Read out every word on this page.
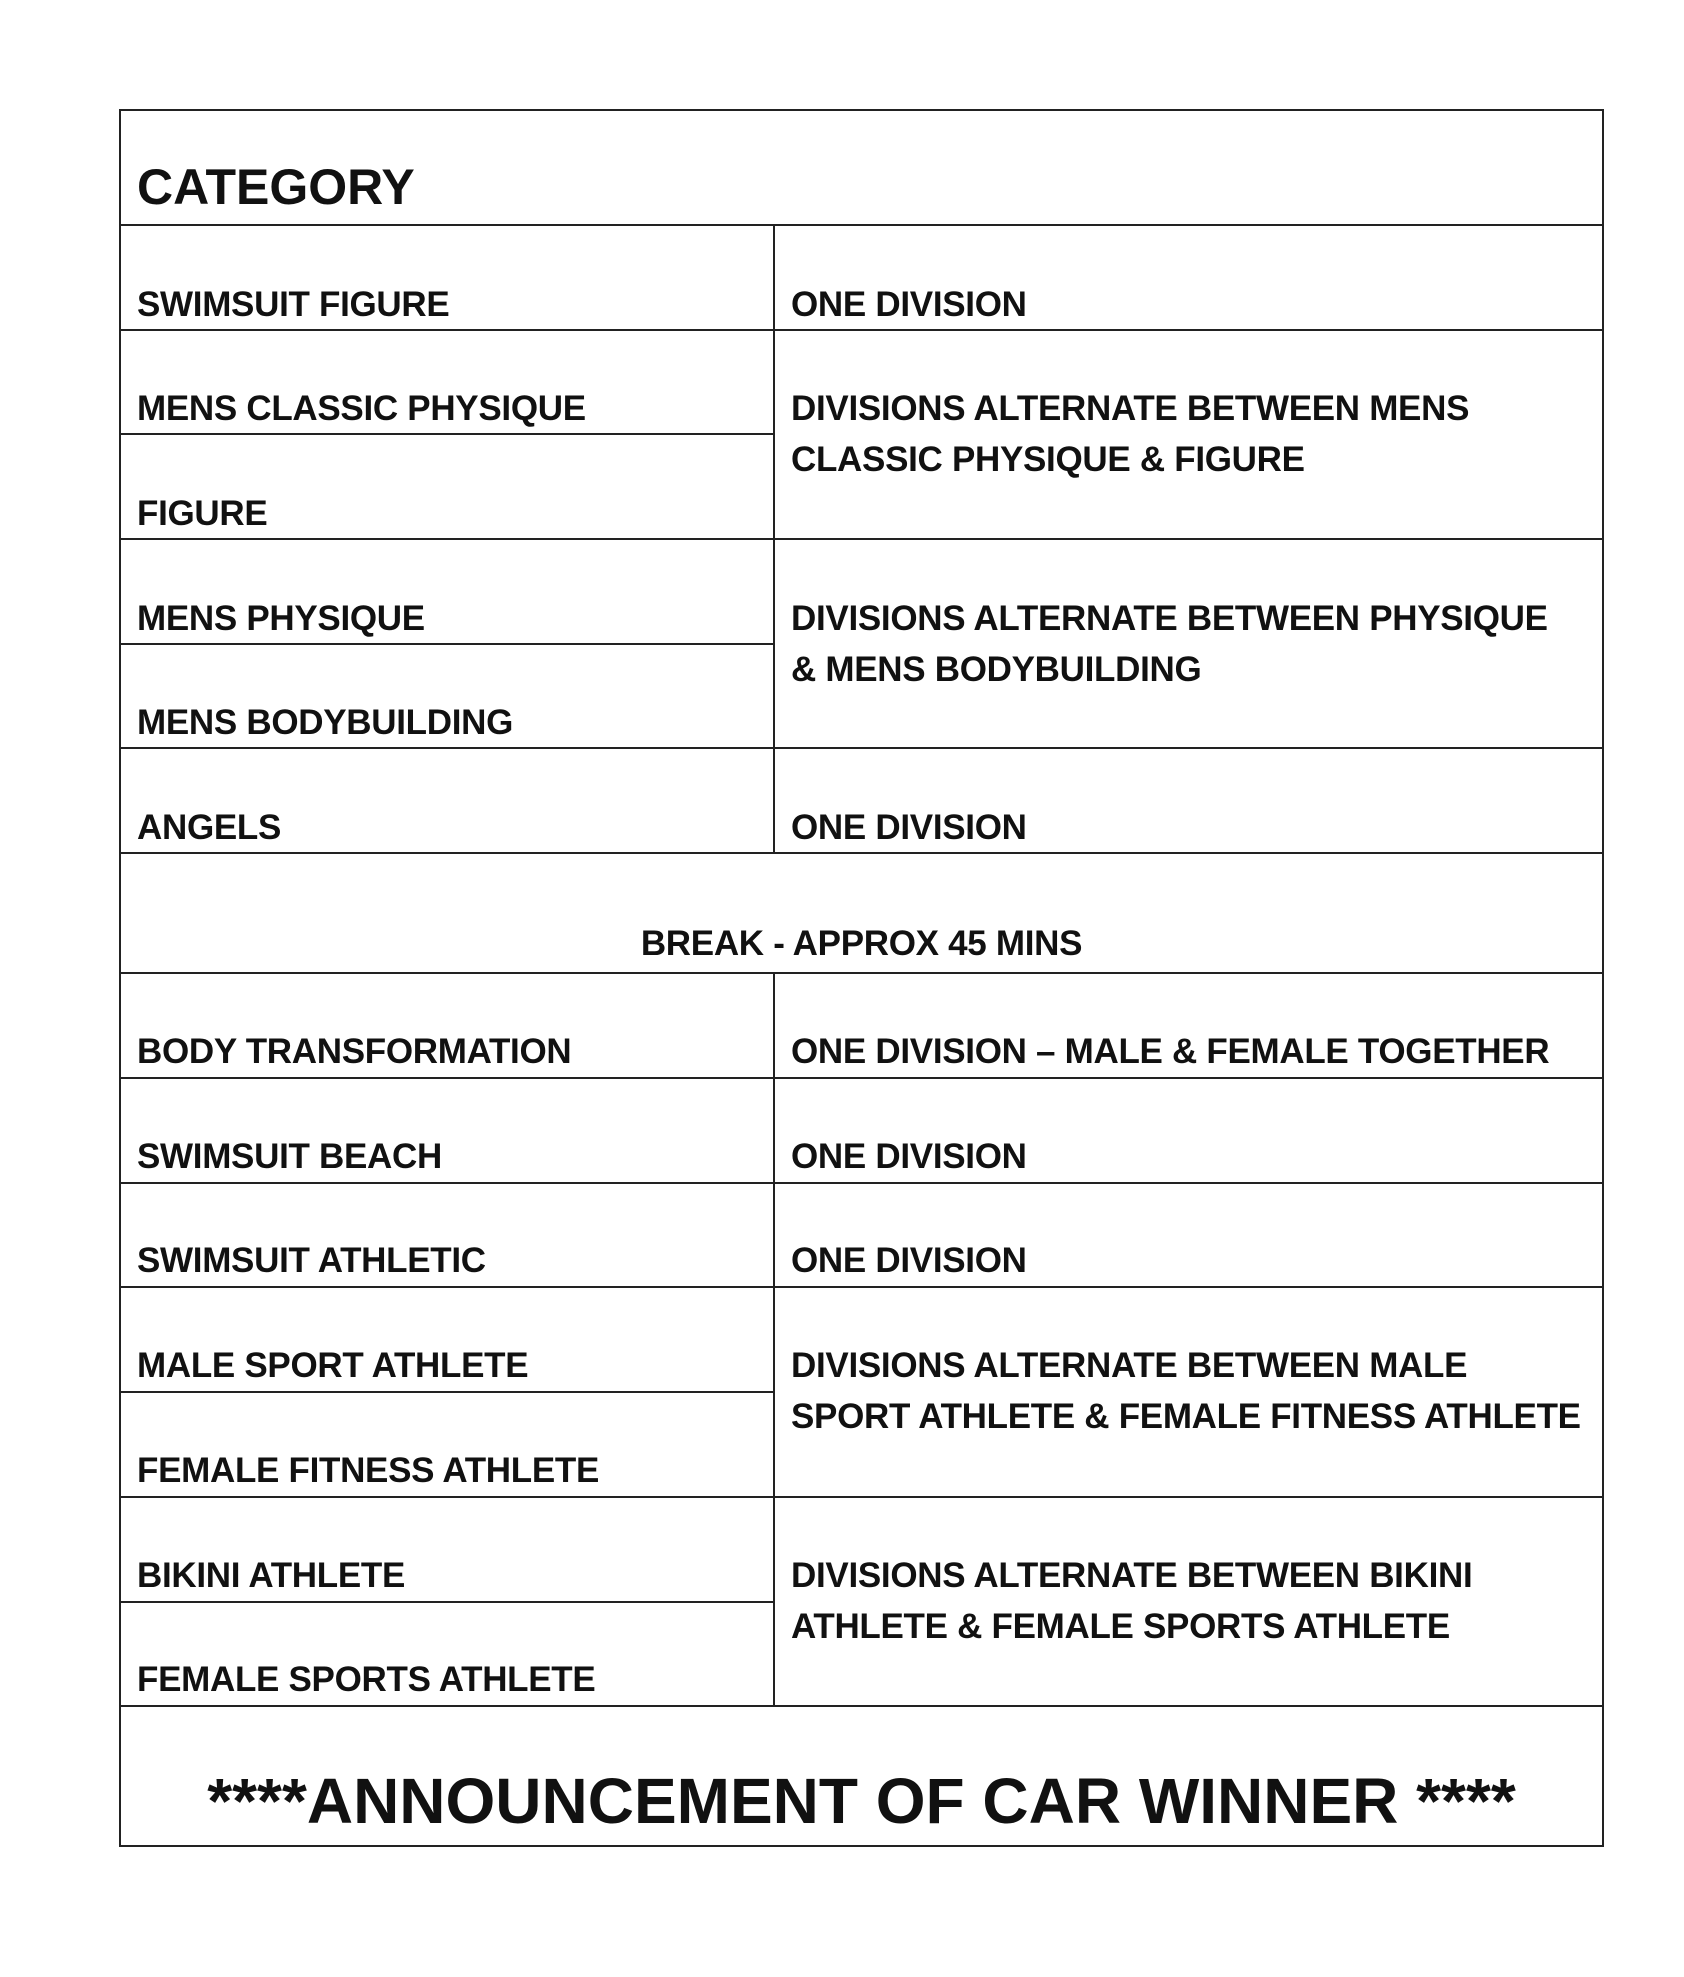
CATEGORY
SWIMSUIT FIGURE
MENS CLASSIC PHYSIQUE
FIGURE
MENS PHYSIQUE
MENS BODYBUILDING
ANGELS
ONE DIVISION
DIVISIONS ALTERNATE BETWEEN MENS
CLASSIC PHYSIQUE & FIGURE
DIVISIONS ALTERNATE BETWEEN PHYSIQUE
& MENS BODYBUILDING
ONE DIVISION
BREAK - APPROX 45 MINS
BODY TRANSFORMATION
SWIMSUIT BEACH
SWIMSUIT ATHLETIC
MALE SPORT ATHLETE
FEMALE FITNESS ATHLETE
BIKINI ATHLETE
FEMALE SPORTS ATHLETE
ONE DIVISION – MALE & FEMALE TOGETHER
ONE DIVISION
ONE DIVISION
DIVISIONS ALTERNATE BETWEEN MALE
SPORT ATHLETE & FEMALE FITNESS ATHLETE
DIVISIONS ALTERNATE BETWEEN BIKINI
ATHLETE & FEMALE SPORTS ATHLETE
****ANNOUNCEMENT OF CAR WINNER ****
